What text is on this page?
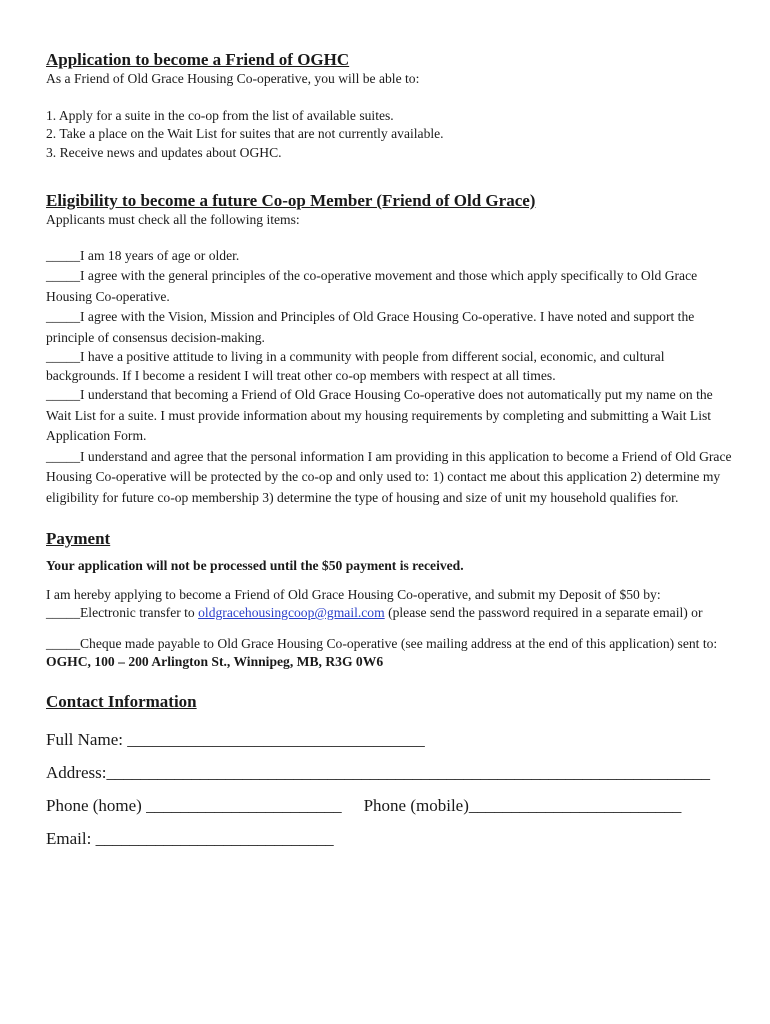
Application to become a Friend of OGHC

As a Friend of Old Grace Housing Co-operative, you will be able to:

1. Apply for a suite in the co-op from the list of available suites.

2. Take a place on the Wait List for suites that are not currently available.

3. Receive news and updates about OGHC.

Eligibility to become a future Co-op Member (Friend of Old Grace)

Applicants must check all the following items:

_____I am 18 years of age or older.

_____I agree with the general principles of the co-operative movement and those which apply specifically to Old Grace Housing Co-operative.

_____I agree with the Vision, Mission and Principles of Old Grace Housing Co-operative. I have noted and support the principle of consensus decision-making.

_____I have a positive attitude to living in a community with people from different social, economic, and cultural backgrounds. If I become a resident I will treat other co-op members with respect at all times.

_____I understand that becoming a Friend of Old Grace Housing Co-operative does not automatically put my name on the Wait List for a suite. I must provide information about my housing requirements by completing and submitting a Wait List Application Form.

_____I understand and agree that the personal information I am providing in this application to become a Friend of Old Grace Housing Co-operative will be protected by the co-op and only used to: 1) contact me about this application 2) determine my eligibility for future co-op membership 3) determine the type of housing and size of unit my household qualifies for.

Payment

Your application will not be processed until the $50 payment is received.

I am hereby applying to become a Friend of Old Grace Housing Co-operative, and submit my Deposit of $50 by:

_____Electronic transfer to oldgracehousingcoop@gmail.com (please send the password required in a separate email) or

_____Cheque made payable to Old Grace Housing Co-operative (see mailing address at the end of this application) sent to: OGHC, 100 – 200 Arlington St., Winnipeg, MB, R3G 0W6

Contact Information

Full Name: ___________________________________

Address:_______________________________________________________________________

Phone (home) _______________________ Phone (mobile)_________________________

Email: ____________________________
